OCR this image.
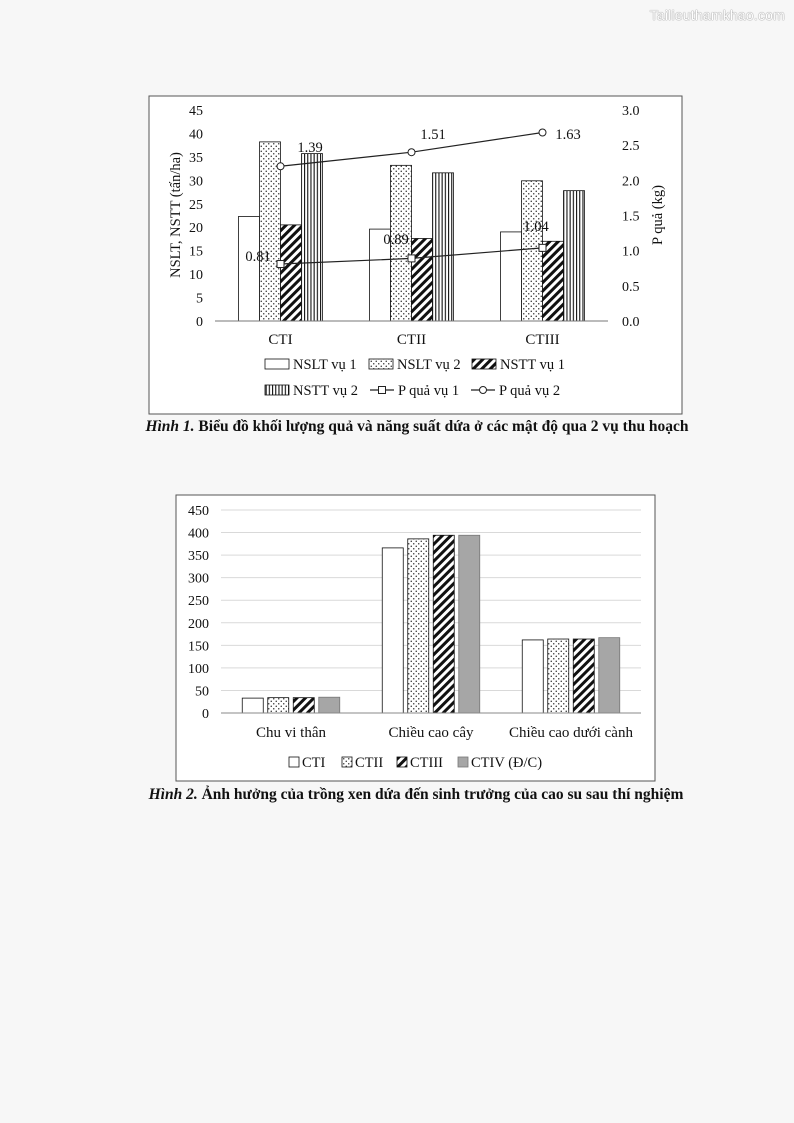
Tailieuthamkhao.com
0
5
10
15
20
25
30
35
40
45
0.0
0.5
1.0
1.5
2.0
2.5
3.0
NSLT, NSTT (tấn/ha)	P quả (kg)
CTI	CTII	CTIII
0.81
0.89
1.04
1.39
1.51	1.63
NSLT vụ 1	NSLT vụ 2	NSTT vụ 1
NSTT vụ 2	P quả vụ 1	P quả vụ 2
0
50
100
150
200
250
300
350
400
450
Chu vi thân	Chiều cao cây Chiều cao dưới cành
CTI CTII CTIII CTIV (Đ/C)
Hình 1. Biểu đồ khối lượng quả và năng suất dứa ở các mật độ qua 2 vụ thu hoạch
Hình 2. Ảnh hưởng của trồng xen dứa đến sinh trưởng của cao su sau thí nghiệm
